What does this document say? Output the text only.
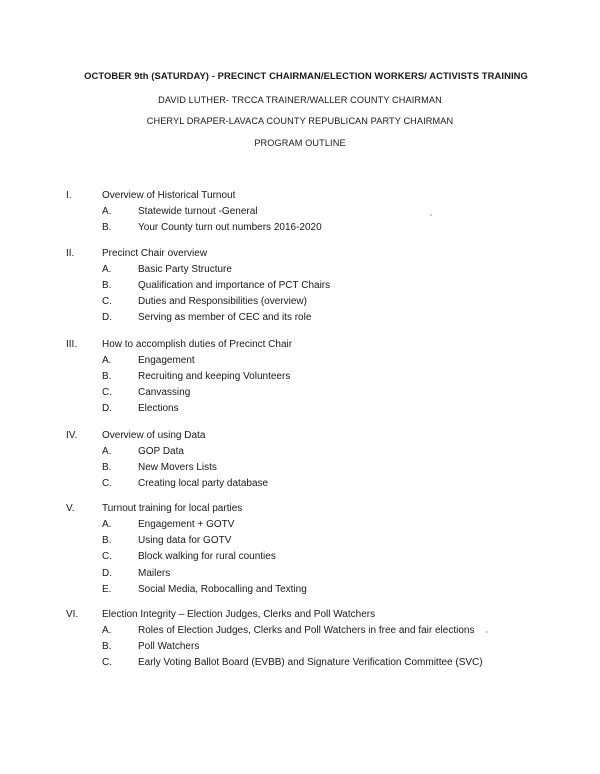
OCTOBER 9th (SATURDAY) - PRECINCT CHAIRMAN/ELECTION WORKERS/ ACTIVISTS TRAINING
DAVID LUTHER- TRCCA TRAINER/WALLER COUNTY CHAIRMAN
CHERYL DRAPER-LAVACA COUNTY REPUBLICAN PARTY CHAIRMAN
PROGRAM OUTLINE
I.	Overview of Historical Turnout
A.	Statewide turnout -General
B.	Your County turn out numbers 2016-2020
II.	Precinct Chair overview
A.	Basic Party Structure
B.	Qualification and importance of PCT Chairs
C.	Duties and Responsibilities (overview)
D.	Serving as member of CEC and its role
III. How to accomplish duties of Precinct Chair
A.	Engagement
B.	Recruiting and keeping Volunteers
C.	Canvassing
D.	Elections
IV. Overview of using Data
A.	GOP Data
B.	New Movers Lists
C.	Creating local party database
V.	Turnout training for local parties
A.	Engagement + GOTV
B.	Using data for GOTV
C.	Block walking for rural counties
D.	Mailers
E.	Social Media, Robocalling and Texting
VI. Election Integrity – Election Judges, Clerks and Poll Watchers
A.	Roles of Election Judges, Clerks and Poll Watchers in free and fair elections
B.	Poll Watchers
C.	Early Voting Ballot Board (EVBB) and Signature Verification Committee (SVC)
